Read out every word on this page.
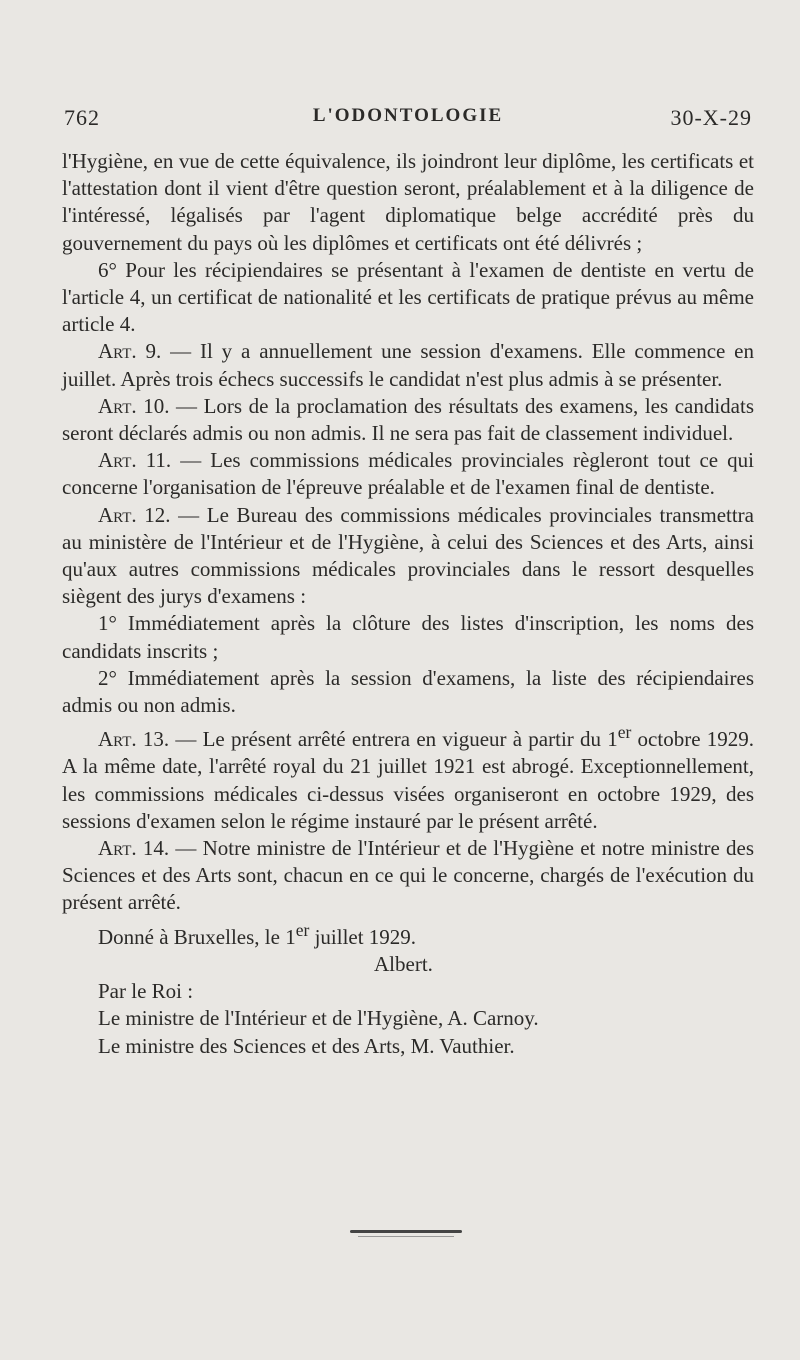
762	L'ODONTOLOGIE	30-X-29

l'Hygiène, en vue de cette équivalence, ils joindront leur diplôme, les certificats et l'attestation dont il vient d'être question seront, préalablement et à la diligence de l'intéressé, légalisés par l'agent diplomatique belge accrédité près du gouvernement du pays où les diplômes et certificats ont été délivrés ;

6° Pour les récipiendaires se présentant à l'examen de dentiste en vertu de l'article 4, un certificat de nationalité et les certificats de pratique prévus au même article 4.

Art. 9. — Il y a annuellement une session d'examens. Elle commence en juillet. Après trois échecs successifs le candidat n'est plus admis à se présenter.

Art. 10. — Lors de la proclamation des résultats des examens, les candidats seront déclarés admis ou non admis. Il ne sera pas fait de classement individuel.

Art. 11. — Les commissions médicales provinciales règleront tout ce qui concerne l'organisation de l'épreuve préalable et de l'examen final de dentiste.

Art. 12. — Le Bureau des commissions médicales provinciales transmettra au ministère de l'Intérieur et de l'Hygiène, à celui des Sciences et des Arts, ainsi qu'aux autres commissions médicales provinciales dans le ressort desquelles siègent des jurys d'examens :

1° Immédiatement après la clôture des listes d'inscription, les noms des candidats inscrits ;

2° Immédiatement après la session d'examens, la liste des récipiendaires admis ou non admis.

Art. 13. — Le présent arrêté entrera en vigueur à partir du 1er octobre 1929. A la même date, l'arrêté royal du 21 juillet 1921 est abrogé. Exceptionnellement, les commissions médicales ci-dessus visées organiseront en octobre 1929, des sessions d'examen selon le régime instauré par le présent arrêté.

Art. 14. — Notre ministre de l'Intérieur et de l'Hygiène et notre ministre des Sciences et des Arts sont, chacun en ce qui le concerne, chargés de l'exécution du présent arrêté.

Donné à Bruxelles, le 1er juillet 1929.

Albert.

Par le Roi :

Le ministre de l'Intérieur et de l'Hygiène, A. Carnoy.

Le ministre des Sciences et des Arts, M. Vauthier.
